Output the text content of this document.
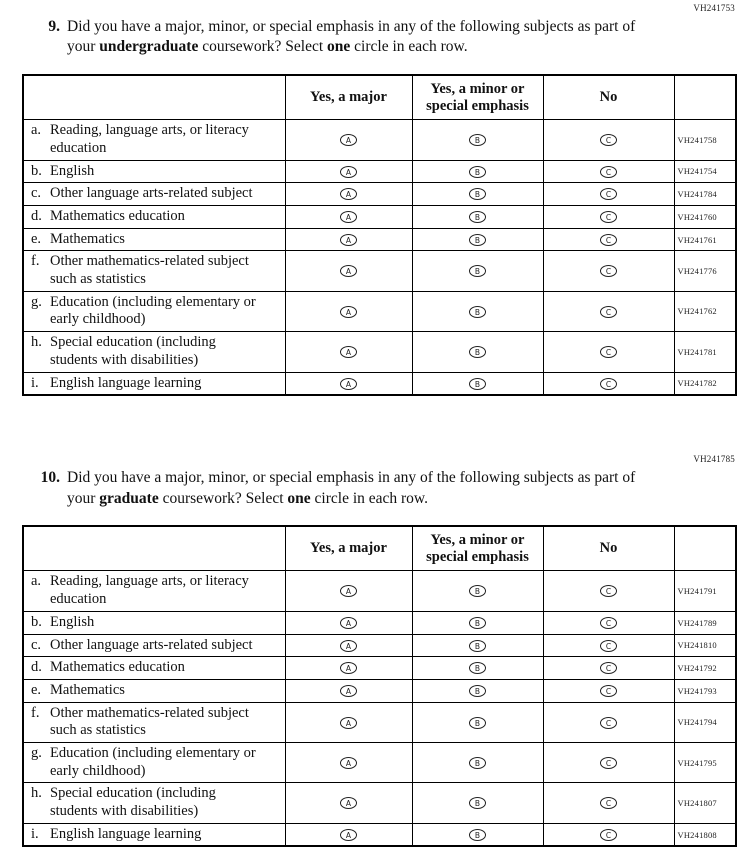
VH241753
9. Did you have a major, minor, or special emphasis in any of the following subjects as part of your undergraduate coursework? Select one circle in each row.
	Yes, a major	Yes, a minor or special emphasis	No	

a. Reading, language arts, or literacy education	A	B	C	VH241758

b. English	A	B	C	VH241754

c. Other language arts-related subject	A	B	C	VH241784

d. Mathematics education	A	B	C	VH241760

e. Mathematics	A	B	C	VH241761

f. Other mathematics-related subject such as statistics	A	B	C	VH241776

g. Education (including elementary or early childhood)	A	B	C	VH241762

h. Special education (including students with disabilities)	A	B	C	VH241781

i. English language learning	A	B	C	VH241782
VH241785
10. Did you have a major, minor, or special emphasis in any of the following subjects as part of your graduate coursework? Select one circle in each row.
	Yes, a major	Yes, a minor or special emphasis	No	

a. Reading, language arts, or literacy education	A	B	C	VH241791

b. English	A	B	C	VH241789

c. Other language arts-related subject	A	B	C	VH241810

d. Mathematics education	A	B	C	VH241792

e. Mathematics	A	B	C	VH241793

f. Other mathematics-related subject such as statistics	A	B	C	VH241794

g. Education (including elementary or early childhood)	A	B	C	VH241795

h. Special education (including students with disabilities)	A	B	C	VH241807

i. English language learning	A	B	C	VH241808
